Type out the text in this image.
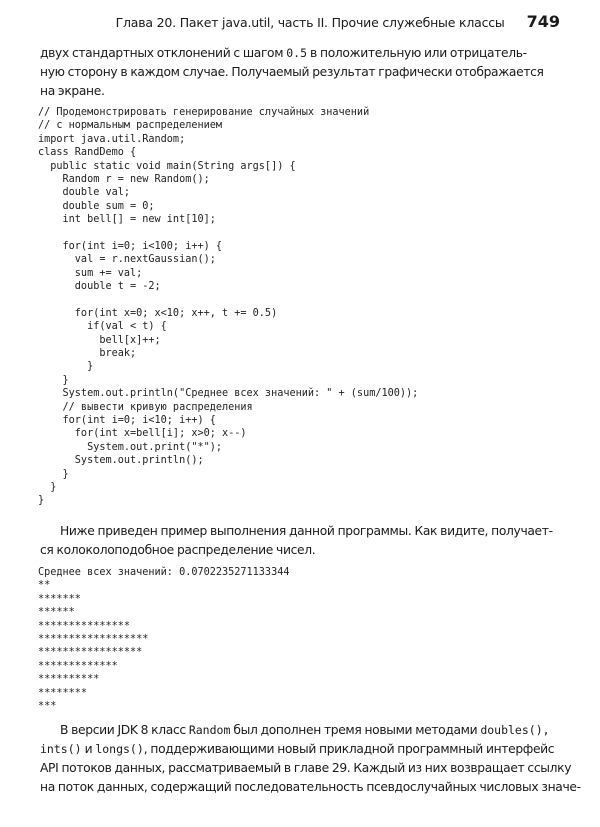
Глава 20. Пакет java.util, часть II. Прочие служебные классы 749

двух стандартных отклонений с шагом 0.5 в положительную или отрицатель-

ную сторону в каждом случае. Получаемый результат графически отображается

на экране.

// Продемонстрировать генерирование случайных значений
// с нормальным распределением
import java.util.Random;
class RandDemo {
public static void main(String args[]) {
Random r = new Random();
double val;
double sum = 0;
int bell[] = new int[10];
for(int i=0; i<100; i++) {
val = r.nextGaussian();
sum += val;
double t = -2;
for(int x=0; x<10; x++, t += 0.5)
if(val < t) {
bell[x]++;
break;
}
}
System.out.println("Среднее всех значений: " + (sum/100));
// вывести кривую распределения
for(int i=0; i<10; i++) {
for(int x=bell[i]; x>0; x--)
System.out.print("*");
System.out.println();
}
}
}

Ниже приведен пример выполнения данной программы. Как видите, получает-

ся колоколоподобное распределение чисел.

Среднее всех значений: 0.0702235271133344
**
*******
******
***************
******************
*****************
*************
**********
********
***

В версии JDK 8 класс Random был дополнен тремя новыми методами doubles(),

ints() и longs(), поддерживающими новый прикладной программный интерфейс

API потоков данных, рассматриваемый в главе 29. Каждый из них возвращает ссылку

на поток данных, содержащий последовательность псевдослучайных числовых значе-
